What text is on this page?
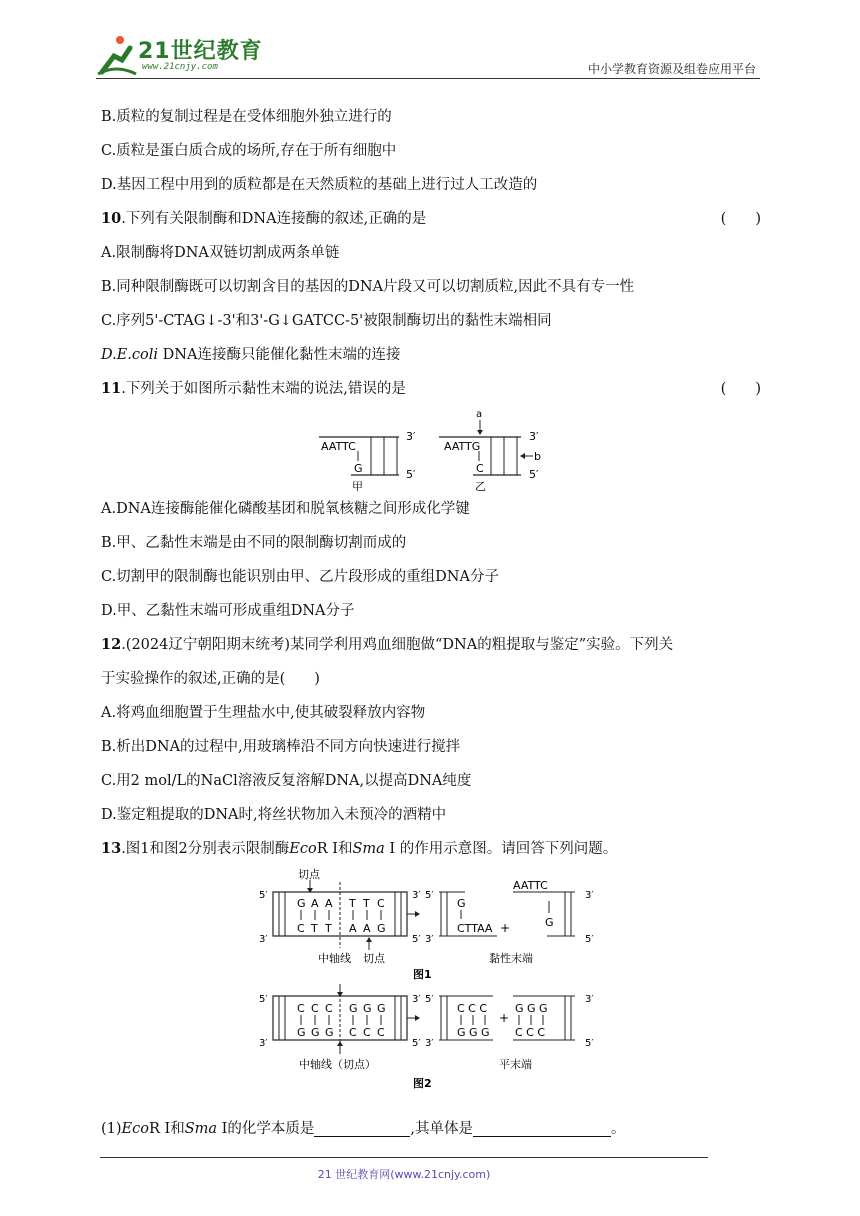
21世纪教育
www.21cnjy.com	中小学教育资源及组卷应用平台
B.质粒的复制过程是在受体细胞外独立进行的
C.质粒是蛋白质合成的场所,存在于所有细胞中
D.基因工程中用到的质粒都是在天然质粒的基础上进行过人工改造的
10.下列有关限制酶和DNA连接酶的叙述,正确的是	(　　)
A.限制酶将DNA双链切割成两条单链
B.同种限制酶既可以切割含目的基因的DNA片段又可以切割质粒,因此不具有专一性
C.序列5'-CTAG↓-3'和3'-G↓GATCC-5'被限制酶切出的黏性末端相同
D.E.coli DNA连接酶只能催化黏性末端的连接
11.下列关于如图所示黏性末端的说法,错误的是	(　　)
AATTC
G
3′
5′
甲
AATTG
C
3′
5′
乙
a
b
A.DNA连接酶能催化磷酸基团和脱氧核糖之间形成化学键
B.甲、乙黏性末端是由不同的限制酶切割而成的
C.切割甲的限制酶也能识别由甲、乙片段形成的重组DNA分子
D.甲、乙黏性末端可形成重组DNA分子
12.(2024辽宁朝阳期末统考)某同学利用鸡血细胞做“DNA的粗提取与鉴定”实验。下列关
于实验操作的叙述,正确的是(　　)
A.将鸡血细胞置于生理盐水中,使其破裂释放内容物
B.析出DNA的过程中,用玻璃棒沿不同方向快速进行搅拌
C.用2 mol/L的NaCl溶液反复溶解DNA,以提高DNA纯度
D.鉴定粗提取的DNA时,将丝状物加入未预冷的酒精中
13.图1和图2分别表示限制酶EcoR Ⅰ和Sma Ⅰ 的作用示意图。请回答下列问题。
切点
5′
3′
G A A T T C
C T T A A G
3′
5′
5′
3′
G
CTTAA +
AATTC
G
3′
5′
中轴线 切点	黏性末端
图1
5′
3′
C C C G G G
G G G C C C
3′
5′
5′
3′
C C C
G G G
+
G G G
C C C
3′
5′
中轴线（切点）	平末端
图2
(1)EcoR Ⅰ和Sma Ⅰ的化学本质是	,其单体是	。
21 世纪教育网(www.21cnjy.com)
